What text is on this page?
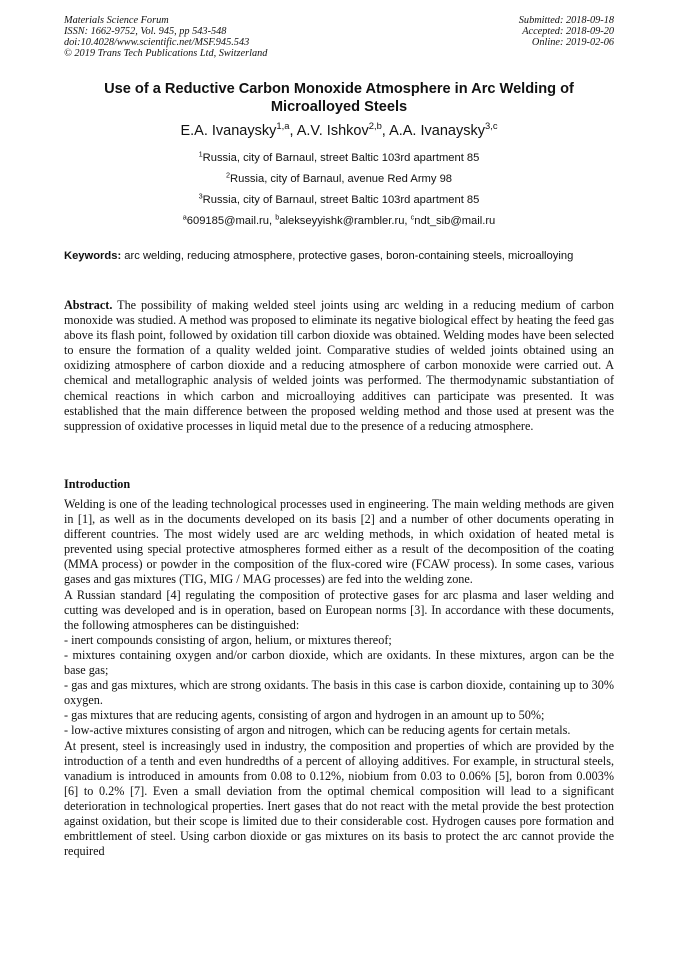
Materials Science Forum
ISSN: 1662-9752, Vol. 945, pp 543-548
doi:10.4028/www.scientific.net/MSF.945.543
© 2019 Trans Tech Publications Ltd, Switzerland
Submitted: 2018-09-18
Accepted: 2018-09-20
Online: 2019-02-06
Use of a Reductive Carbon Monoxide Atmosphere in Arc Welding of Microalloyed Steels
E.A. Ivanaysky$^{1,a}$, A.V. Ishkov$^{2,b}$, A.A. Ivanaysky$^{3,c}$
$^1$Russia, city of Barnaul, street Baltic 103rd apartment 85
$^2$Russia, city of Barnaul, avenue Red Army 98
$^3$Russia, city of Barnaul, street Baltic 103rd apartment 85
$^a$609185@mail.ru, $^b$alekseyyishk@rambler.ru, $^c$ndt_sib@mail.ru
Keywords: arc welding, reducing atmosphere, protective gases, boron-containing steels, microalloying

Abstract. The possibility of making welded steel joints using arc welding in a reducing medium of carbon monoxide was studied. A method was proposed to eliminate its negative biological effect by heating the feed gas above its flash point, followed by oxidation till carbon dioxide was obtained. Welding modes have been selected to ensure the formation of a quality welded joint. Comparative studies of welded joints obtained using an oxidizing atmosphere of carbon dioxide and a reducing atmosphere of carbon monoxide were carried out. A chemical and metallographic analysis of welded joints was performed. The thermodynamic substantiation of chemical reactions in which carbon and microalloying additives can participate was presented. It was established that the main difference between the proposed welding method and those used at present was the suppression of oxidative processes in liquid metal due to the presence of a reducing atmosphere.

Introduction

Welding is one of the leading technological processes used in engineering. The main welding methods are given in [1], as well as in the documents developed on its basis [2] and a number of other documents operating in different countries. The most widely used are arc welding methods, in which oxidation of heated metal is prevented using special protective atmospheres formed either as a result of the decomposition of the coating (MMA process) or powder in the composition of the flux-cored wire (FCAW process). In some cases, various gases and gas mixtures (TIG, MIG / MAG processes) are fed into the welding zone.

A Russian standard [4] regulating the composition of protective gases for arc plasma and laser welding and cutting was developed and is in operation, based on European norms [3]. In accordance with these documents, the following atmospheres can be distinguished:

- inert compounds consisting of argon, helium, or mixtures thereof;

- mixtures containing oxygen and/or carbon dioxide, which are oxidants. In these mixtures, argon can be the base gas;

- gas and gas mixtures, which are strong oxidants. The basis in this case is carbon dioxide, containing up to 30% oxygen.

- gas mixtures that are reducing agents, consisting of argon and hydrogen in an amount up to 50%;

- low-active mixtures consisting of argon and nitrogen, which can be reducing agents for certain metals.

At present, steel is increasingly used in industry, the composition and properties of which are provided by the introduction of a tenth and even hundredths of a percent of alloying additives. For example, in structural steels, vanadium is introduced in amounts from 0.08 to 0.12%, niobium from 0.03 to 0.06% [5], boron from 0.003% [6] to 0.2% [7]. Even a small deviation from the optimal chemical composition will lead to a significant deterioration in technological properties. Inert gases that do not react with the metal provide the best protection against oxidation, but their scope is limited due to their considerable cost. Hydrogen causes pore formation and embrittlement of steel. Using carbon dioxide or gas mixtures on its basis to protect the arc cannot provide the required
